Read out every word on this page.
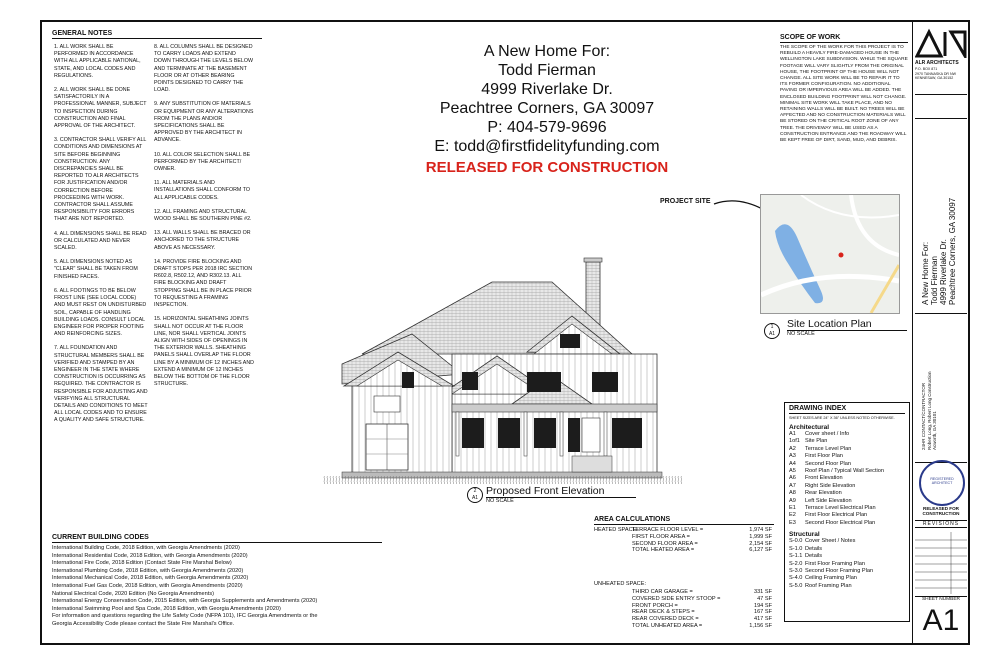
GENERAL NOTES

1. ALL WORK SHALL BE PERFORMED IN ACCORDANCE WITH ALL APPLICABLE NATIONAL, STATE, AND LOCAL CODES AND REGULATIONS.

2. ALL WORK SHALL BE DONE SATISFACTORILY IN A PROFESSIONAL MANNER, SUBJECT TO INSPECTION DURING CONSTRUCTION AND FINAL APPROVAL OF THE ARCHITECT.

3. CONTRACTOR SHALL VERIFY ALL CONDITIONS AND DIMENSIONS AT SITE BEFORE BEGINNING CONSTRUCTION. ANY DISCREPANCIES SHALL BE REPORTED TO ALR ARCHITECTS FOR JUSTIFICATION AND/OR CORRECTION BEFORE PROCEEDING WITH WORK. CONTRACTOR SHALL ASSUME RESPONSIBILITY FOR ERRORS THAT ARE NOT REPORTED.

4. ALL DIMENSIONS SHALL BE READ OR CALCULATED AND NEVER SCALED.

5. ALL DIMENSIONS NOTED AS "CLEAR" SHALL BE TAKEN FROM FINISHED FACES.

6. ALL FOOTINGS TO BE BELOW FROST LINE (SEE LOCAL CODE) AND MUST REST ON UNDISTURBED SOIL, CAPABLE OF HANDLING BUILDING LOADS. CONSULT LOCAL ENGINEER FOR PROPER FOOTING AND REINFORCING SIZES.

7. ALL FOUNDATION AND STRUCTURAL MEMBERS SHALL BE VERIFIED AND STAMPED BY AN ENGINEER IN THE STATE WHERE CONSTRUCTION IS OCCURRING AS REQUIRED. THE CONTRACTOR IS RESPONSIBLE FOR ADJUSTING AND VERIFYING ALL STRUCTURAL DETAILS AND CONDITIONS TO MEET ALL LOCAL CODES AND TO ENSURE A QUALITY AND SAFE STRUCTURE.

8. ALL COLUMNS SHALL BE DESIGNED TO CARRY LOADS AND EXTEND DOWN THROUGH THE LEVELS BELOW AND TERMINATE AT THE BASEMENT FLOOR OR AT OTHER BEARING POINTS DESIGNED TO CARRY THE LOAD.

9. ANY SUBSTITUTION OF MATERIALS OR EQUIPMENT OR ANY ALTERATIONS FROM THE PLANS AND/OR SPECIFICATIONS SHALL BE APPROVED BY THE ARCHITECT IN ADVANCE.

10. ALL COLOR SELECTION SHALL BE PERFORMED BY THE ARCHITECT/ OWNER.

11. ALL MATERIALS AND INSTALLATIONS SHALL CONFORM TO ALL APPLICABLE CODES.

12. ALL FRAMING AND STRUCTURAL WOOD SHALL BE SOUTHERN PINE #2.

13. ALL WALLS SHALL BE BRACED OR ANCHORED TO THE STRUCTURE ABOVE AS NECESSARY.

14. PROVIDE FIRE BLOCKING AND DRAFT STOPS PER 2018 IRC SECTION R602.8, R502.12, AND R302.13. ALL FIRE BLOCKING AND DRAFT STOPPING SHALL BE IN PLACE PRIOR TO REQUESTING A FRAMING INSPECTION.

15. HORIZONTAL SHEATHING JOINTS SHALL NOT OCCUR AT THE FLOOR LINE, NOR SHALL VERTICAL JOINTS ALIGN WITH SIDES OF OPENINGS IN THE EXTERIOR WALLS. SHEATHING PANELS SHALL OVERLAP THE FLOOR LINE BY A MINIMUM OF 12 INCHES AND EXTEND A MINIMUM OF 12 INCHES BELOW THE BOTTOM OF THE FLOOR STRUCTURE.

CURRENT BUILDING CODES
International Building Code, 2018 Edition, with Georgia Amendments (2020)
International Residential Code, 2018 Edition, with Georgia Amendments (2020)
International Fire Code, 2018 Edition (Contact State Fire Marshal Below)
International Plumbing Code, 2018 Edition, with Georgia Amendments (2020)
International Mechanical Code, 2018 Edition, with Georgia Amendments (2020)
International Fuel Gas Code, 2018 Edition, with Georgia Amendments (2020)
National Electrical Code, 2020 Edition (No Georgia Amendments)
International Energy Conservation Code, 2015 Edition, with Georgia Supplements and Amendments (2020)
International Swimming Pool and Spa Code, 2018 Edition, with Georgia Amendments (2020)
For information and questions regarding the Life Safety Code (NFPA 101), IFC Georgia Amendments or the
Georgia Accessibility Code please contact the State Fire Marshal's Office.
A New Home For:
Todd Fierman
4999 Riverlake Dr.
Peachtree Corners, GA 30097
P: 404-579-9696
E: todd@firstfidelityfunding.com
RELEASED FOR CONSTRUCTION
SCOPE OF WORK
THE SCOPE OF THE WORK FOR THIS PROJECT IS TO REBUILD A HEAVILY FIRE-DAMAGED HOUSE IN THE WELLINGTON LAKE SUBDIVISION. WHILE THE SQUARE FOOTAGE WILL VARY SLIGHTLY FROM THE ORIGINAL HOUSE, THE FOOTPRINT OF THE HOUSE WILL NOT CHANGE. ALL SITE WORK WILL BE TO REPAIR IT TO ITS FORMER CONFIGURATION. NO ADDITIONAL PAVING OR IMPERVIOUS AREA WILL BE ADDED. THE ENCLOSED BUILDING FOOTPRINT WILL NOT CHANGE. MINIMAL SITE WORK WILL TAKE PLACE, AND NO RETAINING WALLS WILL BE BUILT. NO TREES WILL BE AFFECTED AND NO CONSTRUCTION MATERIALS WILL BE STORED ON THE CRITICAL ROOT ZONE OF ANY TREE. THE DRIVEWAY WILL BE USED AS A CONSTRUCTION ENTRANCE AND THE ROADWAY WILL BE KEPT FREE OF DIRT, SAND, MUD, AND DEBRIS.
PROJECT SITE
1
A1
Site Location Plan
NO SCALE
2
A1
Proposed Front Elevation
NO SCALE
AREA CALCULATIONS
HEATED SPACE:
TERRACE FLOOR LEVEL =	1,974 SF
FIRST FLOOR AREA =	1,999 SF
SECOND FLOOR AREA =	2,154 SF
TOTAL HEATED AREA =	6,127 SF
UNHEATED SPACE:
THIRD CAR GARAGE =	331 SF
COVERED SIDE ENTRY STOOP =	47 SF
FRONT PORCH =	194 SF
REAR DECK & STEPS =	167 SF
REAR COVERED DECK =	417 SF
TOTAL UNHEATED AREA =	1,156 SF
DRAWING INDEX
SHEET SIZES ARE 24" X 36" UNLESS NOTED OTHERWISE.
Architectural
A1 Cover sheet / Info
1of1 Site Plan
A2 Terrace Level Plan
A3 First Floor Plan
A4 Second Floor Plan
A5 Roof Plan / Typical Wall Section
A6 Front Elevation
A7 Right Side Elevation
A8 Rear Elevation
A9 Left Side Elevation
E1 Terrace Level Electrical Plan
E2 First Floor Electrical Plan
E3 Second Floor Electrical Plan
Structural
S-0.0 Cover Sheet / Notes
S-1.0 Details
S-1.1 Details
S-2.0 First Floor Framing Plan
S-3.0 Second Floor Framing Plan
S-4.0 Ceiling Framing Plan
S-5.0 Roof Framing Plan
ALR ARCHITECTS
P.O. BOX 871
2970 TANNASKA DR NW
KENNESAW, GA 30152
A New Home For: Todd Fierman 4999 Riverlake Dr. Peachtree Corners, GA 30097
24HR CONTACT/CONTRACTOR Robert Long, Robert Long Construction Acworth, GA 30101
REGISTERED ARCHITECT
RELEASED FOR CONSTRUCTION
REVISIONS
SHEET NUMBER
A1
